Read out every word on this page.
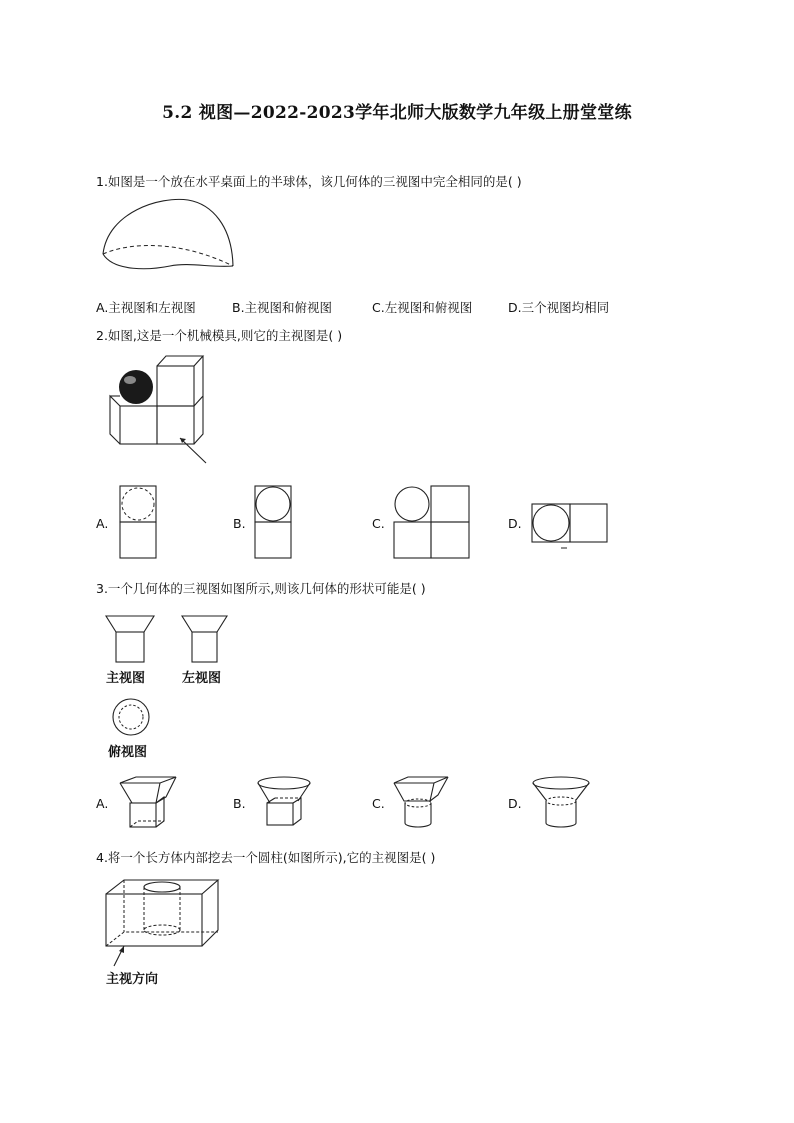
5.2 视图—2022-2023学年北师大版数学九年级上册堂堂练
1.如图是一个放在水平桌面上的半球体，该几何体的三视图中完全相同的是( )
A.主视图和左视图	B.主视图和俯视图	C.左视图和俯视图	D.三个视图均相同
2.如图,这是一个机械模具,则它的主视图是( )
A.	B.	C.	D.
3.一个几何体的三视图如图所示,则该几何体的形状可能是( )
主视图	左视图
俯视图
A.	B.	C.	D.
4.将一个长方体内部挖去一个圆柱(如图所示),它的主视图是( )
主视方向
